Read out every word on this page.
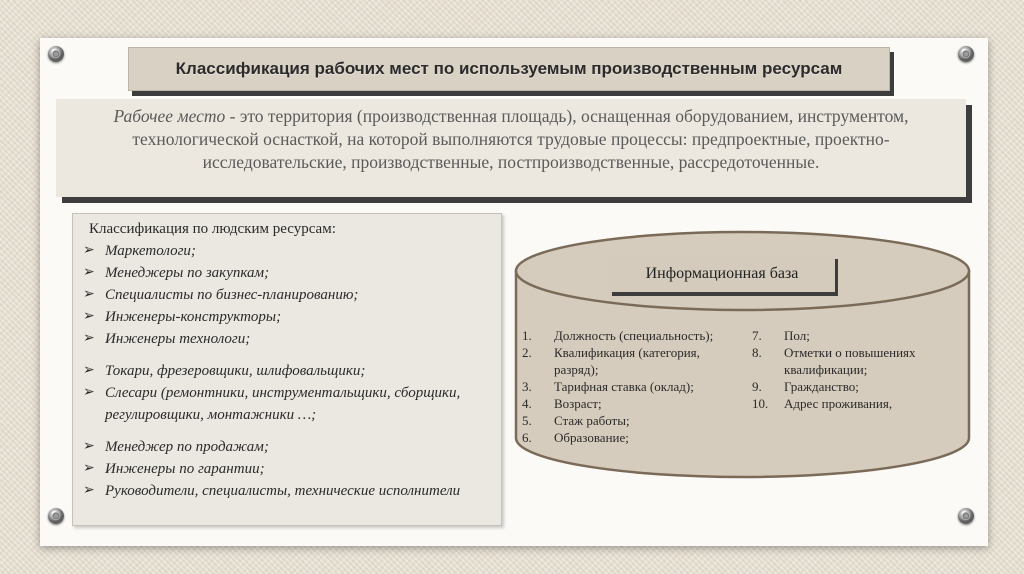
Классификация рабочих мест по используемым производственным ресурсам
Рабочее место - это территория (производственная площадь), оснащенная оборудованием, инструментом, технологической оснасткой, на которой выполняются трудовые процессы: предпроектные, проектно-исследовательские, производственные, постпроизводственные, рассредоточенные.
Классификация по людским ресурсам:
➢ Маркетологи;
➢ Менеджеры по закупкам;
➢ Специалисты по бизнес-планированию;
➢ Инженеры-конструкторы;
➢ Инженеры технологи;
➢ Токари, фрезеровщики, шлифовальщики;
➢ Слесари (ремонтники, инструментальщики, сборщики, регулировщики, монтажники …;
➢ Менеджер по продажам;
➢ Инженеры по гарантии;
➢ Руководители, специалисты, технические исполнители
Информационная база
1. Должность (специальность);
2. Квалификация (категория, разряд);
3. Тарифная ставка (оклад);
4. Возраст;
5. Стаж работы;
6. Образование;
7. Пол;
8. Отметки о повышениях квалификации;
9. Гражданство;
10. Адрес проживания,
